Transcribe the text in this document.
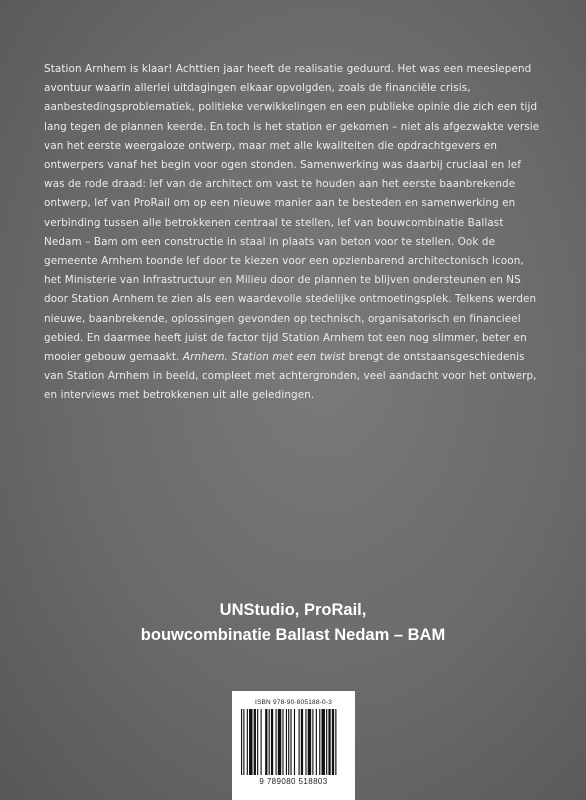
Station Arnhem is klaar! Achttien jaar heeft de realisatie geduurd. Het was een meeslepend avontuur waarin allerlei uitdagingen elkaar opvolgden, zoals de financiële crisis, aanbestedingsproblematiek, politieke verwikkelingen en een publieke opinie die zich een tijd lang tegen de plannen keerde. En toch is het station er gekomen – niet als afgezwakte versie van het eerste weergaloze ontwerp, maar met alle kwaliteiten die opdrachtgevers en ontwerpers vanaf het begin voor ogen stonden. Samenwerking was daarbij cruciaal en lef was de rode draad: lef van de architect om vast te houden aan het eerste baanbrekende ontwerp, lef van ProRail om op een nieuwe manier aan te besteden en samenwerking en verbinding tussen alle betrokkenen centraal te stellen, lef van bouwcombinatie Ballast Nedam – Bam om een constructie in staal in plaats van beton voor te stellen. Ook de gemeente Arnhem toonde lef door te kiezen voor een opzienbarend architectonisch icoon, het Ministerie van Infrastructuur en Milieu door de plannen te blijven ondersteunen en NS door Station Arnhem te zien als een waardevolle stedelijke ontmoetingsplek. Telkens werden nieuwe, baanbrekende, oplossingen gevonden op technisch, organisatorisch en financieel gebied. En daarmee heeft juist de factor tijd Station Arnhem tot een nog slimmer, beter en mooier gebouw gemaakt. Arnhem. Station met een twist brengt de ontstaansgeschiedenis van Station Arnhem in beeld, compleet met achtergronden, veel aandacht voor het ontwerp, en interviews met betrokkenen uit alle geledingen.
UNStudio, ProRail,
bouwcombinatie Ballast Nedam – BAM
ISBN 978-90-805188-0-3
9 789080 518803
